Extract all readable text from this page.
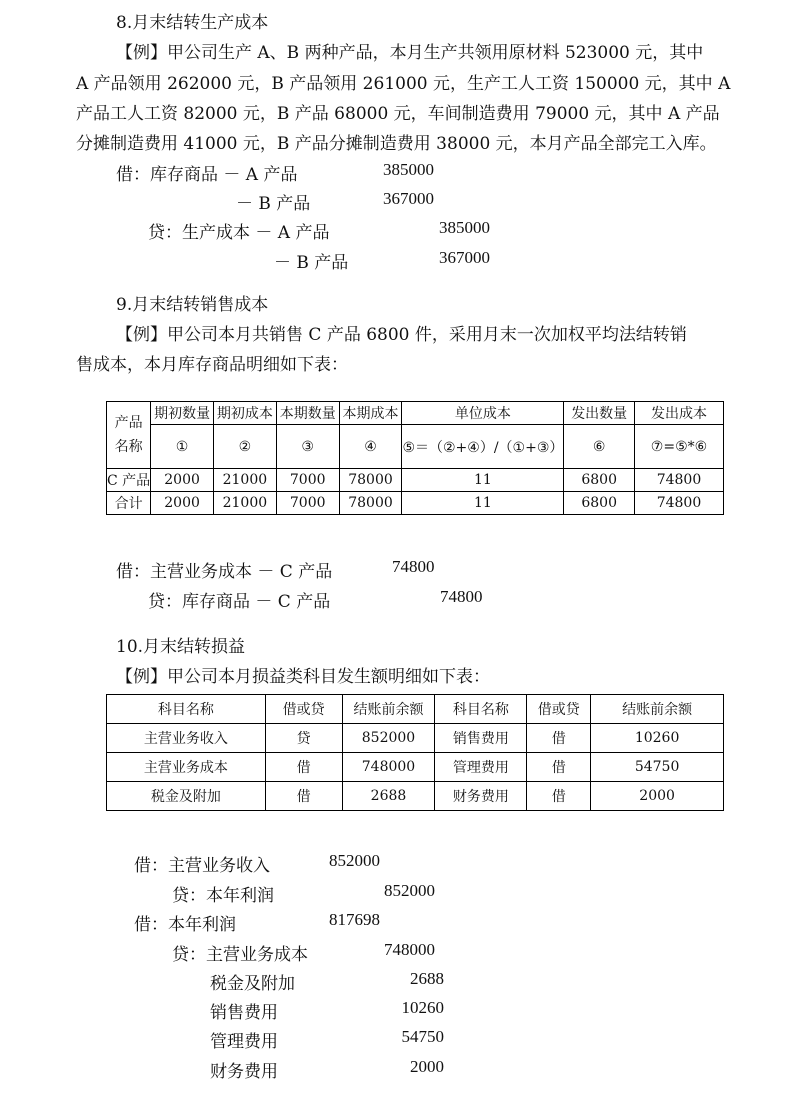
8.月末结转生产成本
【例】甲公司生产 A、B 两种产品，本月生产共领用原材料 523000 元，其中
A 产品领用 262000 元，B 产品领用 261000 元，生产工人工资 150000 元，其中 A
产品工人工资 82000 元，B 产品 68000 元，车间制造费用 79000 元，其中 A 产品
分摊制造费用 41000 元，B 产品分摊制造费用 38000 元，本月产品全部完工入库。
借：库存商品 － A 产品	385000
－ B 产品	367000
贷：生产成本 － A 产品	385000
－ B 产品	367000
9.月末结转销售成本
【例】甲公司本月共销售 C 产品 6800 件，采用月末一次加权平均法结转销
售成本，本月库存商品明细如下表：
产品
名称	期初数量	期初成本	本期数量	本期成本	单位成本	发出数量	发出成本
	①	②	③	④	⑤＝（②+④）/（①+③）	⑥	⑦=⑤*⑥
C 产品	2000	21000	7000	78000	11	6800	74800
合计	2000	21000	7000	78000	11	6800	74800
借：主营业务成本 － C 产品	74800
贷：库存商品 － C 产品	74800
10.月末结转损益
【例】甲公司本月损益类科目发生额明细如下表：
科目名称	借或贷	结账前余额	科目名称	借或贷	结账前余额
主营业务收入	贷	852000	销售费用	借	10260
主营业务成本	借	748000	管理费用	借	54750
税金及附加	借	2688	财务费用	借	2000
借：主营业务收入	852000
贷：本年利润	852000
借：本年利润	817698
贷：主营业务成本	748000
税金及附加	2688
销售费用	10260
管理费用	54750
财务费用	2000
